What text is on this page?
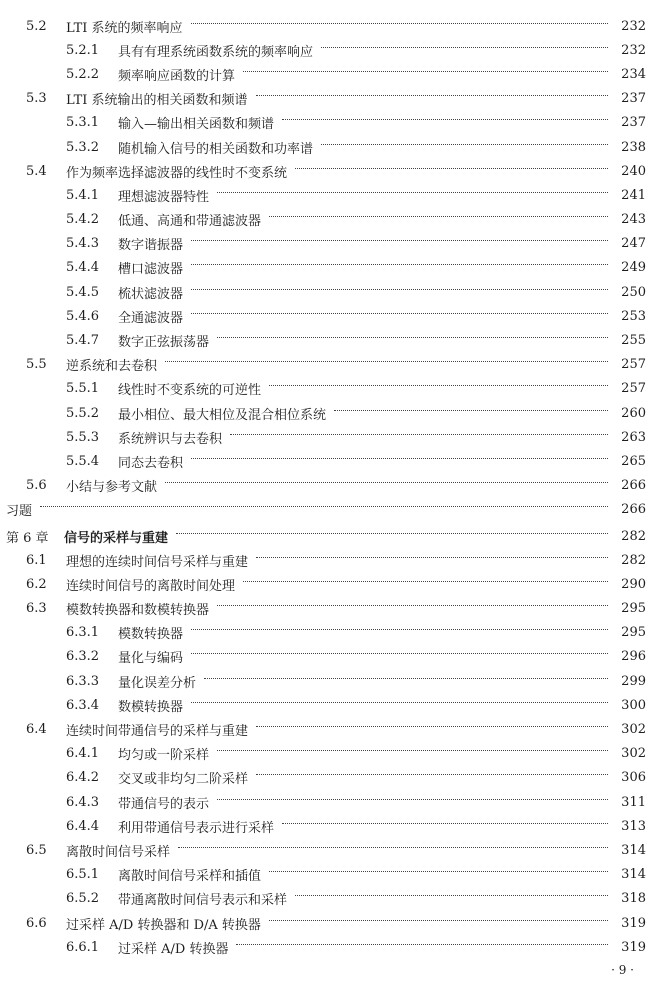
5.2	LTI 系统的频率响应	232
5.2.1	具有有理系统函数系统的频率响应	232
5.2.2	频率响应函数的计算	234
5.3	LTI 系统输出的相关函数和频谱	237
5.3.1	输入—输出相关函数和频谱	237
5.3.2	随机输入信号的相关函数和功率谱	238
5.4	作为频率选择滤波器的线性时不变系统	240
5.4.1	理想滤波器特性	241
5.4.2	低通、高通和带通滤波器	243
5.4.3	数字谐振器	247
5.4.4	槽口滤波器	249
5.4.5	梳状滤波器	250
5.4.6	全通滤波器	253
5.4.7	数字正弦振荡器	255
5.5	逆系统和去卷积	257
5.5.1	线性时不变系统的可逆性	257
5.5.2	最小相位、最大相位及混合相位系统	260
5.5.3	系统辨识与去卷积	263
5.5.4	同态去卷积	265
5.6	小结与参考文献	266
习题	266
第 6 章	信号的采样与重建	282
6.1	理想的连续时间信号采样与重建	282
6.2	连续时间信号的离散时间处理	290
6.3	模数转换器和数模转换器	295
6.3.1	模数转换器	295
6.3.2	量化与编码	296
6.3.3	量化误差分析	299
6.3.4	数模转换器	300
6.4	连续时间带通信号的采样与重建	302
6.4.1	均匀或一阶采样	302
6.4.2	交叉或非均匀二阶采样	306
6.4.3	带通信号的表示	311
6.4.4	利用带通信号表示进行采样	313
6.5	离散时间信号采样	314
6.5.1	离散时间信号采样和插值	314
6.5.2	带通离散时间信号表示和采样	318
6.6	过采样 A/D 转换器和 D/A 转换器	319
6.6.1	过采样 A/D 转换器	319
· 9 ·
